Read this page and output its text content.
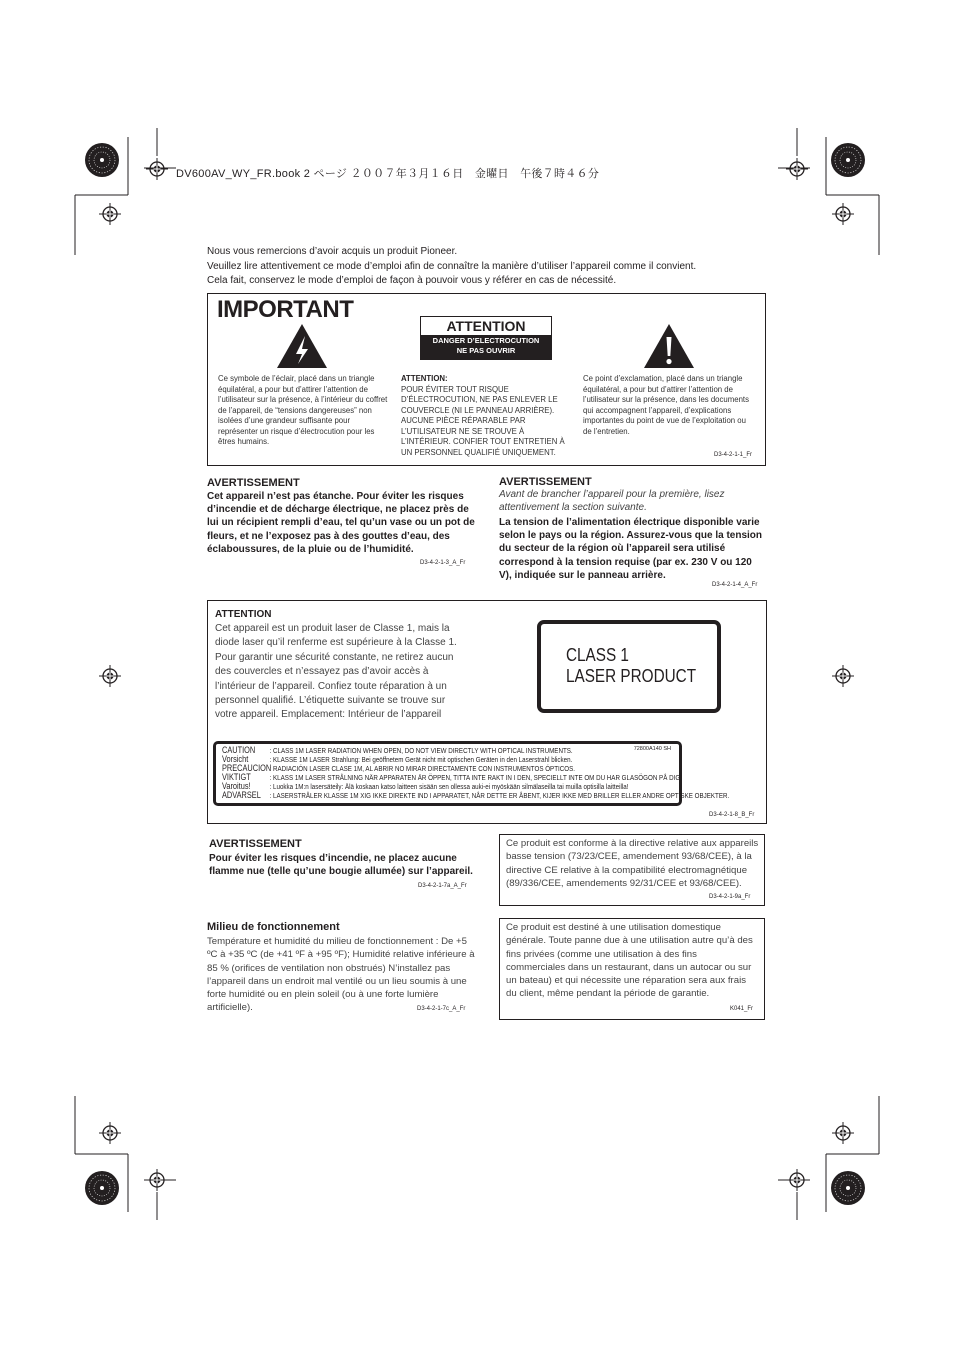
DV600AV_WY_FR.book 2 ページ ２００７年３月１６日　金曜日　午後７時４６分

Nous vous remercions d’avoir acquis un produit Pioneer.

Veuillez lire attentivement ce mode d’emploi afin de connaître la manière d’utiliser l’appareil comme il convient.

Cela fait, conservez le mode d’emploi de façon à pouvoir vous y référer en cas de nécessité.

IMPORTANT
ATTENTION
DANGER D’ELECTROCUTION
NE PAS OUVRIR
Ce symbole de l’éclair, placé dans un triangle équilatéral, a pour but d’attirer l’attention de l’utilisateur sur la présence, à l’intérieur du coffret de l’appareil, de “tensions dangereuses” non isolées d’une grandeur suffisante pour représenter un risque d’électrocution pour les êtres humains.
ATTENTION:
POUR ÉVITER TOUT RISQUE D’ÉLECTROCUTION, NE PAS ENLEVER LE COUVERCLE (NI LE PANNEAU ARRIÈRE). AUCUNE PIÈCE RÉPARABLE PAR L’UTILISATEUR NE SE TROUVE À L’INTÉRIEUR. CONFIER TOUT ENTRETIEN À UN PERSONNEL QUALIFIÉ UNIQUEMENT.
Ce point d’exclamation, placé dans un triangle équilatéral, a pour but d’attirer l’attention de l’utilisateur sur la présence, dans les documents qui accompagnent l’appareil, d’explications importantes du point de vue de l’exploitation ou de l’entretien.
D3-4-2-1-1_Fr
AVERTISSEMENT
Cet appareil n’est pas étanche. Pour éviter les risques d’incendie et de décharge électrique, ne placez près de lui un récipient rempli d’eau, tel qu’un vase ou un pot de fleurs, et ne l’exposez pas à des gouttes d’eau, des éclaboussures, de la pluie ou de l’humidité.
D3-4-2-1-3_A_Fr
AVERTISSEMENT
Avant de brancher l’appareil pour la première, lisez attentivement la section suivante.
La tension de l’alimentation électrique disponible varie selon le pays ou la région. Assurez-vous que la tension du secteur de la région où l’appareil sera utilisé correspond à la tension requise (par ex. 230 V ou 120 V), indiquée sur le panneau arrière.
D3-4-2-1-4_A_Fr
ATTENTION
Cet appareil est un produit laser de Classe 1, mais la diode laser qu’il renferme est supérieure à la Classe 1. Pour garantir une sécurité constante, ne retirez aucun des couvercles et n’essayez pas d’avoir accès à l’intérieur de l’appareil. Confiez toute réparation à un personnel qualifié. L’étiquette suivante se trouve sur votre appareil. Emplacement: Intérieur de l’appareil
CLASS 1
LASER PRODUCT
72800A140 SH
CAUTION : CLASS 1M LASER RADIATION WHEN OPEN, DO NOT VIEW DIRECTLY WITH OPTICAL INSTRUMENTS.
Vorsicht	: KLASSE 1M LASER Strahlung: Bei geöffnetem Gerät nicht mit optischen Geräten in den Laserstrahl blicken.
PRECAUCION: RADIACIÓN LASER CLASE 1M, AL ABRIR NO MIRAR DIRECTAMENTE CON INSTRUMENTOS ÓPTICOS.
VIKTIGT : KLASS 1M LASER STRÅLNING NÄR APPARATEN ÄR ÖPPEN, TITTA INTE RAKT IN I DEN, SPECIELLT INTE OM DU HAR GLASÖGON PÅ DIG.
Varoitus! : Luokka 1M:n lasersäteily: Älä koskaan katso laitteen sisään sen ollessa auki-ei myöskään silmälaseilla tai muilla optisilla laitteilla!
ADVARSEL : LASERSTRÅLER KLASSE 1M XIG IKKE DIREKTE IND I APPARATET, NÅR DETTE ER ÅBENT, KIJER IKKE MED BRILLER ELLER ANDRE OPTISKE OBJEKTER.
D3-4-2-1-8_B_Fr
AVERTISSEMENT
Pour éviter les risques d’incendie, ne placez aucune flamme nue (telle qu’une bougie allumée) sur l’appareil.
D3-4-2-1-7a_A_Fr
Ce produit est conforme à la directive relative aux appareils basse tension (73/23/CEE, amendement 93/68/CEE), à la directive CE relative à la compatibilité electromagnétique (89/336/CEE, amendements 92/31/CEE et 93/68/CEE).
D3-4-2-1-9a_Fr
Milieu de fonctionnement
Température et humidité du milieu de fonctionnement : De +5 ºC à +35 ºC (de +41 ºF à +95 ºF); Humidité relative inférieure à 85 % (orifices de ventilation non obstrués) N’installez pas l’appareil dans un endroit mal ventilé ou un lieu soumis à une forte humidité ou en plein soleil (ou à une forte lumière artificielle).	D3-4-2-1-7c_A_Fr
Ce produit est destiné à une utilisation domestique générale. Toute panne due à une utilisation autre qu’à des fins privées (comme une utilisation à des fins commerciales dans un restaurant, dans un autocar ou sur un bateau) et qui nécessite une réparation sera aux frais du client, même pendant la période de garantie.
K041_Fr
